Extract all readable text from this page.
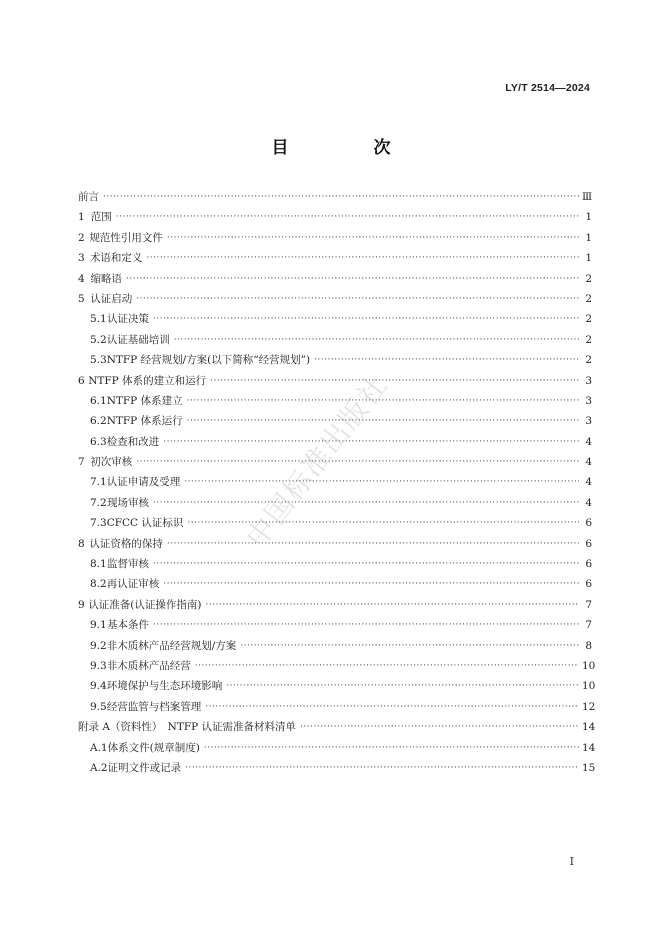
LY/T 2514—2024
目　次
前言 ·····	Ⅲ
1 范围 ·····	1
2 规范性引用文件 ·····	1
3 术语和定义 ·····	1
4 缩略语 ·····	2
5 认证启动 ·····	2
5.1 认证决策 ·····	2
5.2 认证基础培训 ·····	2
5.3 NTFP 经营规划/方案(以下简称“经营规划”) ·····	2
6 NTFP 体系的建立和运行 ·····	3
6.1 NTFP 体系建立 ·····	3
6.2 NTFP 体系运行 ·····	3
6.3 检查和改进 ·····	4
7 初次审核 ·····	4
7.1 认证申请及受理 ·····	4
7.2 现场审核 ·····	4
7.3 CFCC 认证标识 ·····	6
8 认证资格的保持 ·····	6
8.1 监督审核 ·····	6
8.2 再认证审核 ·····	6
9 认证准备(认证操作指南) ·····	7
9.1 基本条件 ·····	7
9.2 非木质林产品经营规划/方案 ·····	8
9.3 非木质林产品经营 ·····	10
9.4 环境保护与生态环境影响 ·····	10
9.5 经营监管与档案管理 ·····	12
附录 A（资料性）　NTFP 认证需准备材料清单 ·····	14
A.1 体系文件(规章制度) ·····	14
A.2 证明文件或记录 ·····	15
中国标准出版社
I
